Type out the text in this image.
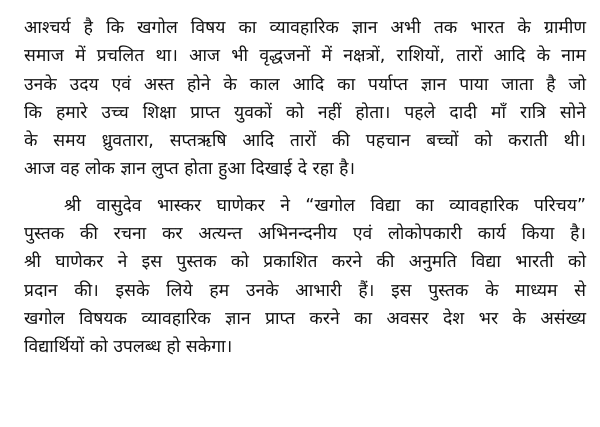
आश्चर्य है कि खगोल विषय का व्यावहारिक ज्ञान अभी तक भारत के ग्रामीण
समाज में प्रचलित था। आज भी वृद्धजनों में नक्षत्रों, राशियों, तारों आदि के नाम
उनके उदय एवं अस्त होने के काल आदि का पर्याप्त ज्ञान पाया जाता है जो
कि हमारे उच्च शिक्षा प्राप्त युवकों को नहीं होता। पहले दादी माँ रात्रि सोने
के समय ध्रुवतारा, सप्तऋषि आदि तारों की पहचान बच्चों को कराती थी।
आज वह लोक ज्ञान लुप्त होता हुआ दिखाई दे रहा है।

श्री वासुदेव भास्कर घाणेकर ने “खगोल विद्या का व्यावहारिक परिचय”
पुस्तक की रचना कर अत्यन्त अभिनन्दनीय एवं लोकोपकारी कार्य किया है।
श्री घाणेकर ने इस पुस्तक को प्रकाशित करने की अनुमति विद्या भारती को
प्रदान की। इसके लिये हम उनके आभारी हैं। इस पुस्तक के माध्यम से
खगोल विषयक व्यावहारिक ज्ञान प्राप्त करने का अवसर देश भर के असंख्य
विद्यार्थियों को उपलब्ध हो सकेगा।
